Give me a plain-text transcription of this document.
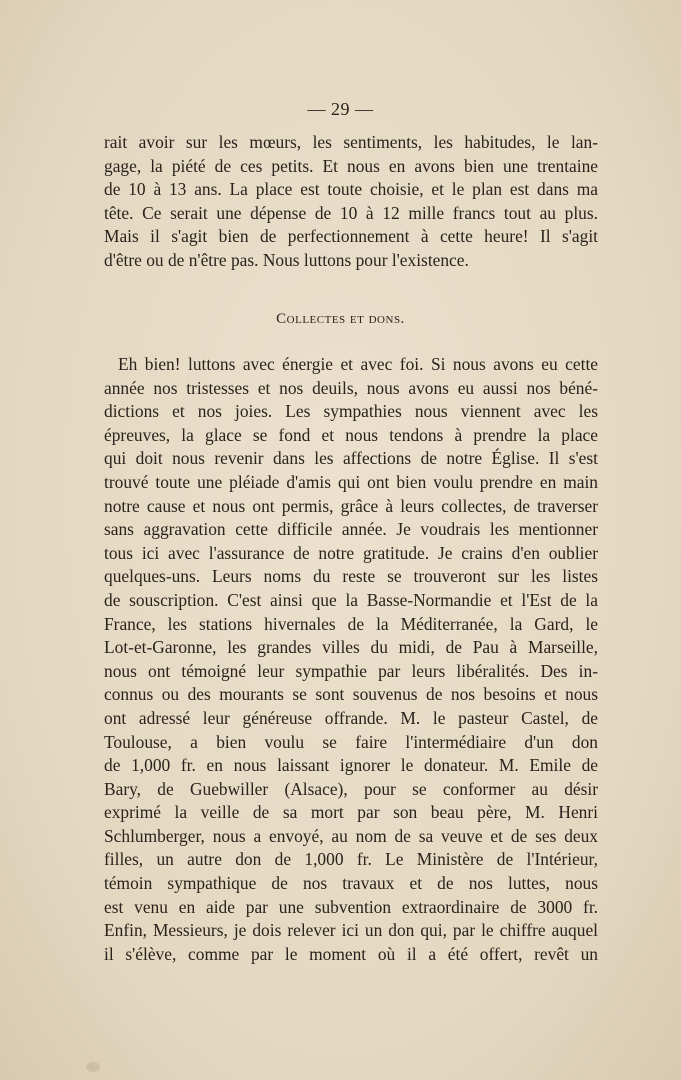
— 29 —
rait avoir sur les mœurs, les sentiments, les habitudes, le lan-
gage, la piété de ces petits. Et nous en avons bien une trentaine
de 10 à 13 ans. La place est toute choisie, et le plan est dans ma
tête. Ce serait une dépense de 10 à 12 mille francs tout au plus.
Mais il s'agit bien de perfectionnement à cette heure! Il s'agit
d'être ou de n'être pas. Nous luttons pour l'existence.
Collectes et dons.
Eh bien! luttons avec énergie et avec foi. Si nous avons eu cette
année nos tristesses et nos deuils, nous avons eu aussi nos béné-
dictions et nos joies. Les sympathies nous viennent avec les
épreuves, la glace se fond et nous tendons à prendre la place
qui doit nous revenir dans les affections de notre Église. Il s'est
trouvé toute une pléiade d'amis qui ont bien voulu prendre en main
notre cause et nous ont permis, grâce à leurs collectes, de traverser
sans aggravation cette difficile année. Je voudrais les mentionner
tous ici avec l'assurance de notre gratitude. Je crains d'en oublier
quelques-uns. Leurs noms du reste se trouveront sur les listes
de souscription. C'est ainsi que la Basse-Normandie et l'Est de la
France, les stations hivernales de la Méditerranée, la Gard, le
Lot-et-Garonne, les grandes villes du midi, de Pau à Marseille,
nous ont témoigné leur sympathie par leurs libéralités. Des in-
connus ou des mourants se sont souvenus de nos besoins et nous
ont adressé leur généreuse offrande. M. le pasteur Castel, de
Toulouse, a bien voulu se faire l'intermédiaire d'un don
de 1,000 fr. en nous laissant ignorer le donateur. M. Emile de
Bary, de Guebwiller (Alsace), pour se conformer au désir
exprimé la veille de sa mort par son beau père, M. Henri
Schlumberger, nous a envoyé, au nom de sa veuve et de ses deux
filles, un autre don de 1,000 fr. Le Ministère de l'Intérieur,
témoin sympathique de nos travaux et de nos luttes, nous
est venu en aide par une subvention extraordinaire de 3000 fr.
Enfin, Messieurs, je dois relever ici un don qui, par le chiffre auquel
il s'élève, comme par le moment où il a été offert, revêt un
